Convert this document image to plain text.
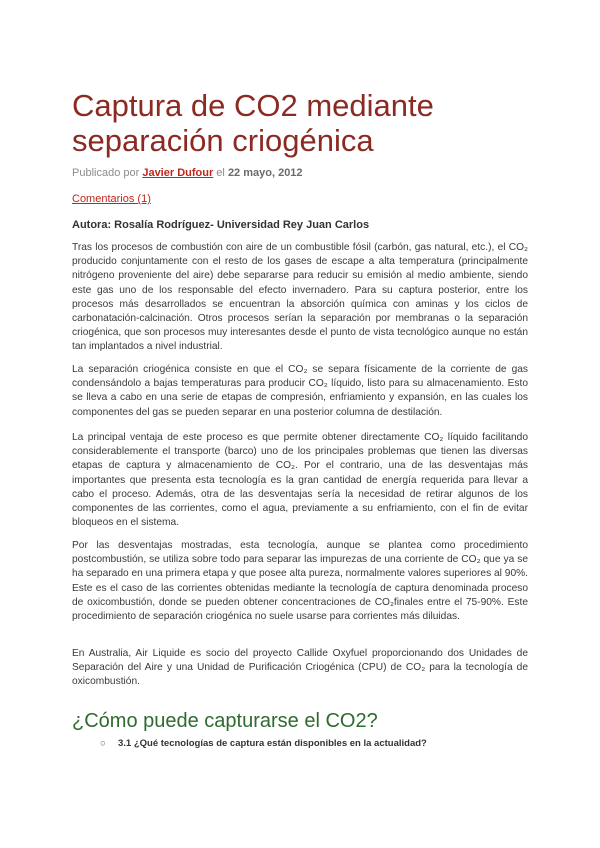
Captura de CO2 mediante separación criogénica
Publicado por Javier Dufour el 22 mayo, 2012
Comentarios (1)
Autora: Rosalía Rodríguez- Universidad Rey Juan Carlos

Tras los procesos de combustión con aire de un combustible fósil (carbón, gas natural, etc.), el CO₂ producido conjuntamente con el resto de los gases de escape a alta temperatura (principalmente nitrógeno proveniente del aire) debe separarse para reducir su emisión al medio ambiente, siendo este gas uno de los responsable del efecto invernadero. Para su captura posterior, entre los procesos más desarrollados se encuentran la absorción química con aminas y los ciclos de carbonatación-calcinación. Otros procesos serían la separación por membranas o la separación criogénica, que son procesos muy interesantes desde el punto de vista tecnológico aunque no están tan implantados a nivel industrial.

La separación criogénica consiste en que el CO₂ se separa físicamente de la corriente de gas condensándolo a bajas temperaturas para producir CO₂ líquido, listo para su almacenamiento. Esto se lleva a cabo en una serie de etapas de compresión, enfriamiento y expansión, en las cuales los componentes del gas se pueden separar en una posterior columna de destilación.

La principal ventaja de este proceso es que permite obtener directamente CO₂ líquido facilitando considerablemente el transporte (barco) uno de los principales problemas que tienen las diversas etapas de captura y almacenamiento de CO₂. Por el contrario, una de las desventajas más importantes que presenta esta tecnología es la gran cantidad de energía requerida para llevar a cabo el proceso. Además, otra de las desventajas sería la necesidad de retirar algunos de los componentes de las corrientes, como el agua, previamente a su enfriamiento, con el fin de evitar bloqueos en el sistema.

Por las desventajas mostradas, esta tecnología, aunque se plantea como procedimiento postcombustión, se utiliza sobre todo para separar las impurezas de una corriente de CO₂ que ya se ha separado en una primera etapa y que posee alta pureza, normalmente valores superiores al 90%. Este es el caso de las corrientes obtenidas mediante la tecnología de captura denominada proceso de oxicombustión, donde se pueden obtener concentraciones de CO₂finales entre el 75-90%. Este procedimiento de separación criogénica no suele usarse para corrientes más diluidas.

En Australia, Air Liquide es socio del proyecto Callide Oxyfuel proporcionando dos Unidades de Separación del Aire y una Unidad de Purificación Criogénica (CPU) de CO₂ para la tecnología de oxicombustión.

¿Cómo puede capturarse el CO2?
○ 3.1 ¿Qué tecnologías de captura están disponibles en la actualidad?
